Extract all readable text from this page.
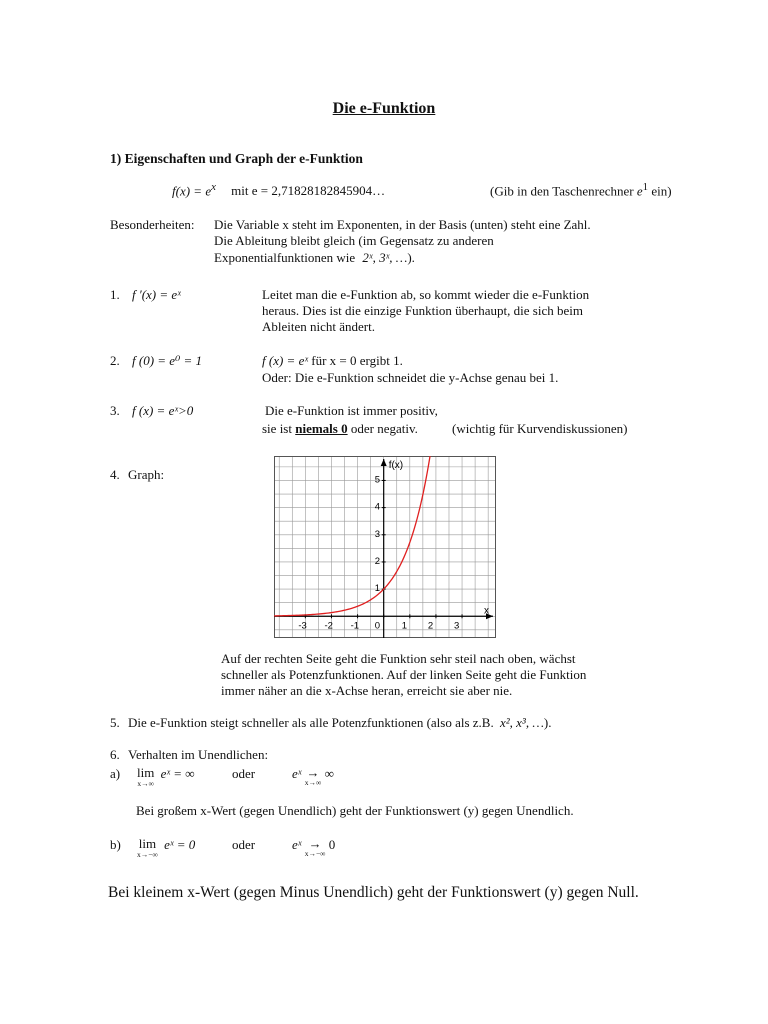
Die e-Funktion
1) Eigenschaften und Graph der e-Funktion
$f(x) = e^x$ mit e = 2,71828182845904…	(Gib in den Taschenrechner $e^1$ ein)
Besonderheiten: Die Variable x steht im Exponenten, in der Basis (unten) steht eine Zahl.
Die Ableitung bleibt gleich (im Gegensatz zu anderen
Exponentialfunktionen wie 2ˣ, 3ˣ, …).
1. f ′(x) = eˣ	Leitet man die e-Funktion ab, so kommt wieder die e-Funktion
heraus. Dies ist die einzige Funktion überhaupt, die sich beim
Ableiten nicht ändert.
2. f (0) = e⁰ = 1	f (x) = eˣ für x = 0 ergibt 1.
Oder: Die e-Funktion schneidet die y-Achse genau bei 1.
3. f (x) = eˣ>0	Die e-Funktion ist immer positiv,
sie ist niemals 0 oder negativ.	(wichtig für Kurvendiskussionen)
4. Graph:
x
f(x)
-3 -2 -1 0 1 2 3
1
2
3
4
5
Auf der rechten Seite geht die Funktion sehr steil nach oben, wächst
schneller als Potenzfunktionen. Auf der linken Seite geht die Funktion
immer näher an die x-Achse heran, erreicht sie aber nie.
5. Die e-Funktion steigt schneller als alle Potenzfunktionen (also als z.B. x², x³, …).
6. Verhalten im Unendlichen:
a) lim
x→∞
eˣ = ∞	oder	eˣ →
x→∞
∞
Bei großem x-Wert (gegen Unendlich) geht der Funktionswert (y) gegen Unendlich.
b) lim
x→−∞
eˣ = 0	oder	eˣ →
x→−∞
0
Bei kleinem x-Wert (gegen Minus Unendlich) geht der Funktionswert (y) gegen Null.
